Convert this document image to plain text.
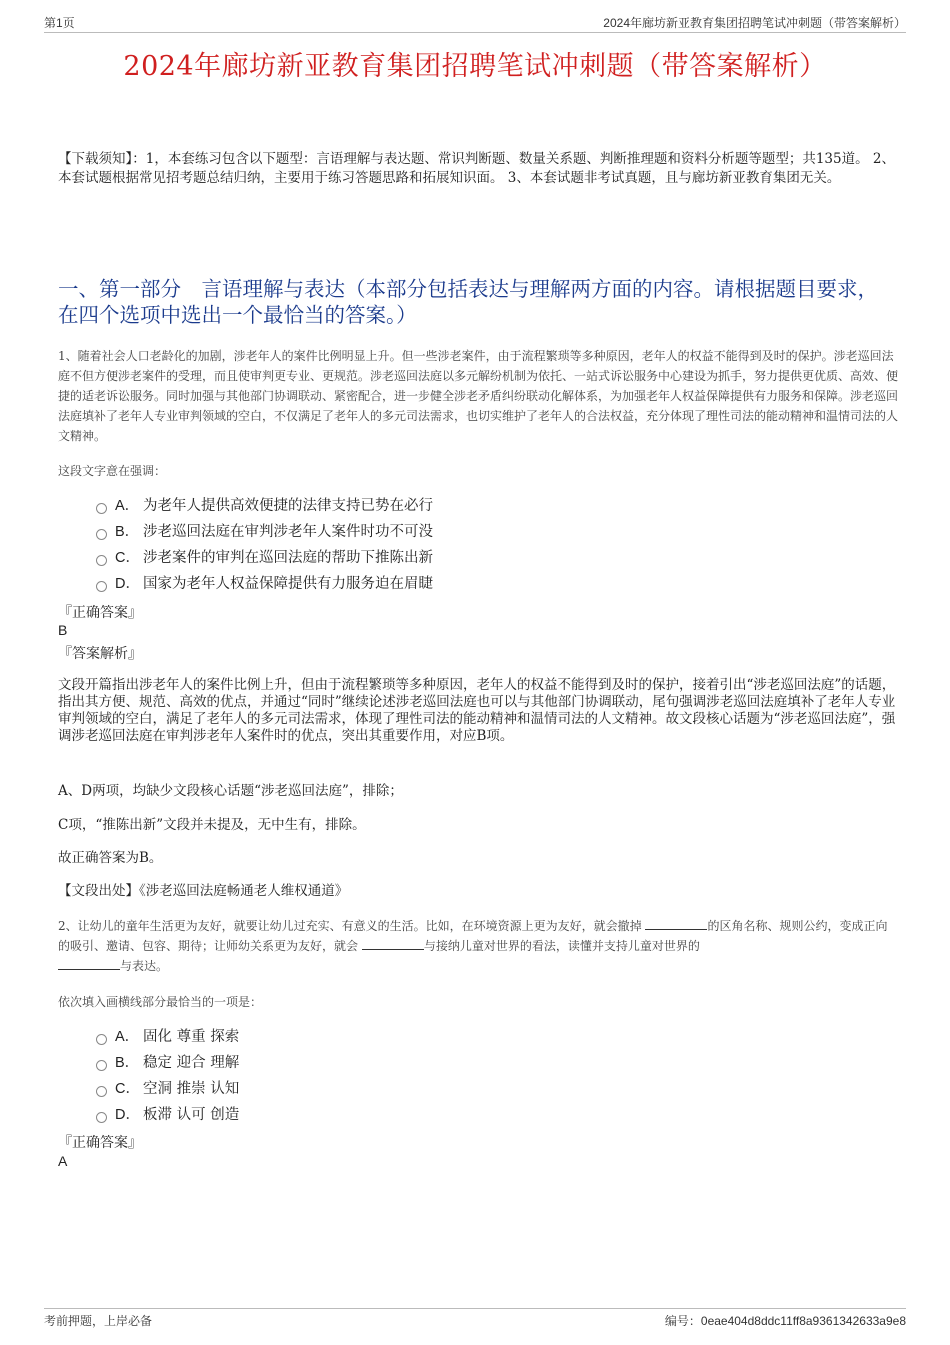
第1页	2024年廊坊新亚教育集团招聘笔试冲刺题（带答案解析）
2024年廊坊新亚教育集团招聘笔试冲刺题（带答案解析）
【下载须知】：1，本套练习包含以下题型：言语理解与表达题、常识判断题、数量关系题、判断推理题和资料分析题等题型；共135道。 2、本套试题根据常见招考题总结归纳，主要用于练习答题思路和拓展知识面。 3、本套试题非考试真题，且与廊坊新亚教育集团无关。
一、第一部分　言语理解与表达（本部分包括表达与理解两方面的内容。请根据题目要求，在四个选项中选出一个最恰当的答案。）
1、随着社会人口老龄化的加剧，涉老年人的案件比例明显上升。但一些涉老案件，由于流程繁琐等多种原因，老年人的权益不能得到及时的保护。涉老巡回法庭不但方便涉老案件的受理，而且使审判更专业、更规范。涉老巡回法庭以多元解纷机制为依托、一站式诉讼服务中心建设为抓手，努力提供更优质、高效、便捷的适老诉讼服务。同时加强与其他部门协调联动、紧密配合，进一步健全涉老矛盾纠纷联动化解体系，为加强老年人权益保障提供有力服务和保障。涉老巡回法庭填补了老年人专业审判领域的空白，不仅满足了老年人的多元司法需求，也切实维护了老年人的合法权益，充分体现了理性司法的能动精神和温情司法的人文精神。
这段文字意在强调：
A． 为老年人提供高效便捷的法律支持已势在必行
B． 涉老巡回法庭在审判涉老年人案件时功不可没
C． 涉老案件的审判在巡回法庭的帮助下推陈出新
D． 国家为老年人权益保障提供有力服务迫在眉睫
『正确答案』
B
『答案解析』
文段开篇指出涉老年人的案件比例上升，但由于流程繁琐等多种原因，老年人的权益不能得到及时的保护，接着引出“涉老巡回法庭”的话题，指出其方便、规范、高效的优点，并通过“同时”继续论述涉老巡回法庭也可以与其他部门协调联动，尾句强调涉老巡回法庭填补了老年人专业审判领域的空白，满足了老年人的多元司法需求，体现了理性司法的能动精神和温情司法的人文精神。故文段核心话题为“涉老巡回法庭”，强调涉老巡回法庭在审判涉老年人案件时的优点，突出其重要作用，对应B项。
A、D两项，均缺少文段核心话题“涉老巡回法庭”，排除；
C项，“推陈出新”文段并未提及，无中生有，排除。
故正确答案为B。
【文段出处】《涉老巡回法庭畅通老人维权通道》
2、让幼儿的童年生活更为友好，就要让幼儿过充实、有意义的生活。比如，在环境资源上更为友好，就会撤掉	的区角名称、规则公约，变成正向的吸引、邀请、包容、期待；让师幼关系更为友好，就会	与接纳儿童对世界的看法，读懂并支持儿童对世界的
与表达。
依次填入画横线部分最恰当的一项是：
A． 固化 尊重 探索
B． 稳定 迎合 理解
C． 空洞 推崇 认知
D． 板滞 认可 创造
『正确答案』
A
考前押题，上岸必备	编号：0eae404d8ddc11ff8a9361342633a9e8
